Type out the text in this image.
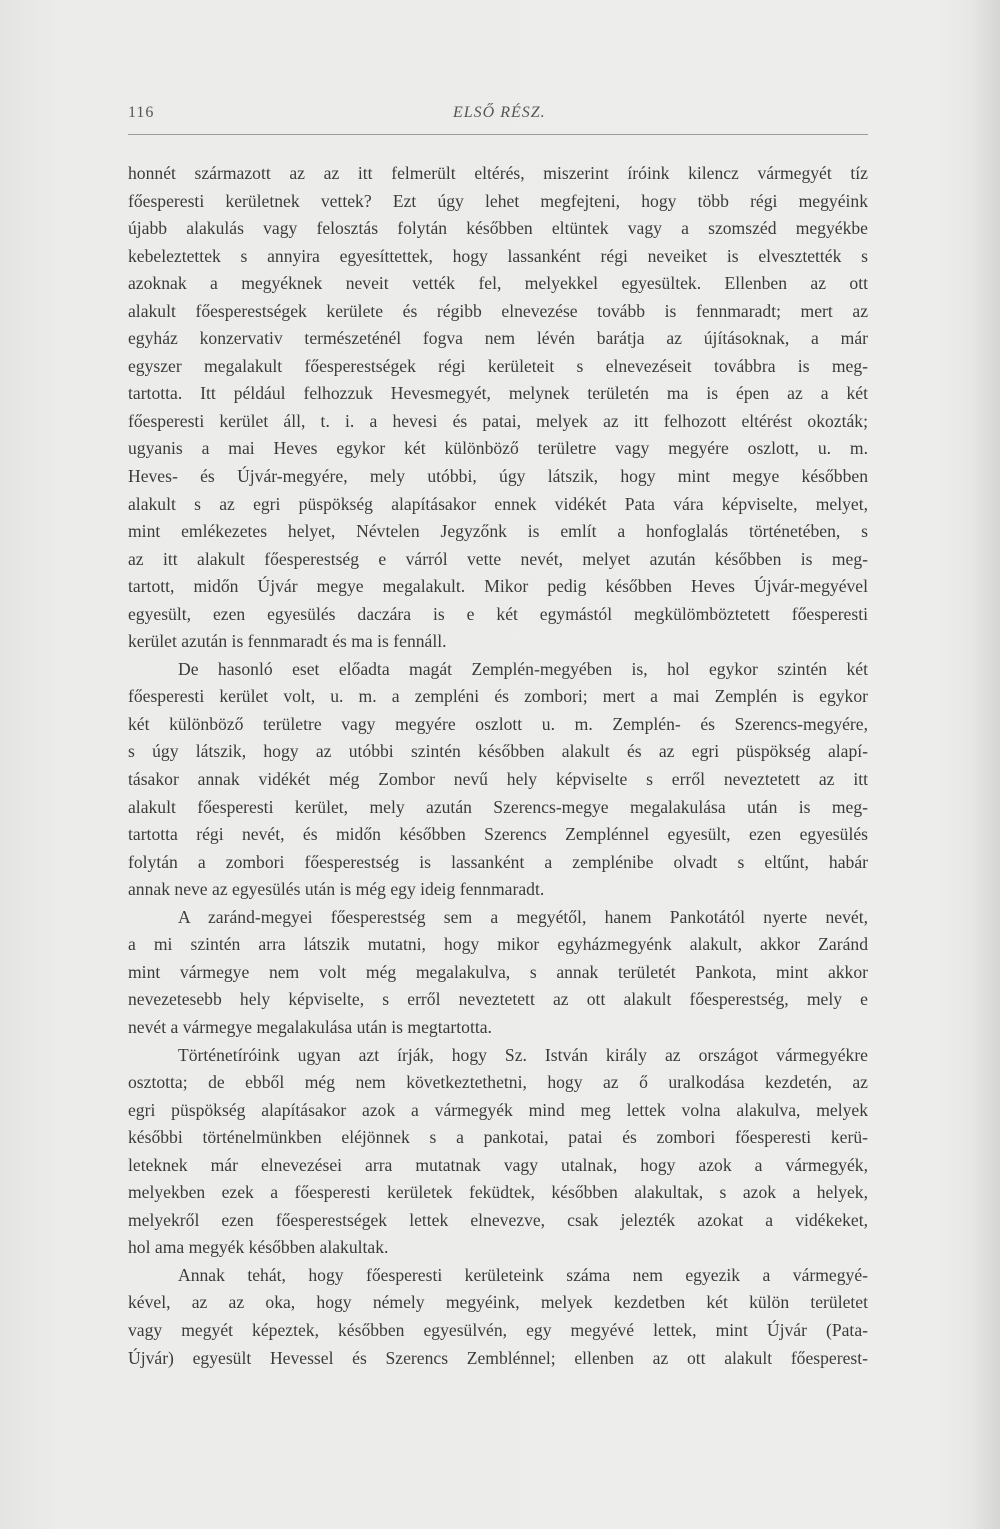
116	ELSŐ RÉSZ.
honnét származott az az itt felmerült eltérés, miszerint íróink kilencz vármegyét tíz
főesperesti kerületnek vettek? Ezt úgy lehet megfejteni, hogy több régi megyéink
újabb alakulás vagy felosztás folytán későbben eltüntek vagy a szomszéd megyékbe
kebeleztettek s annyira egyesíttettek, hogy lassanként régi neveiket is elvesztették s
azoknak a megyéknek neveit vették fel, melyekkel egyesültek. Ellenben az ott
alakult főesperestségek kerülete és régibb elnevezése tovább is fennmaradt; mert az
egyház konzervativ természeténél fogva nem lévén barátja az újításoknak, a már
egyszer megalakult főesperestségek régi kerületeit s elnevezéseit továbbra is meg-
tartotta. Itt például felhozzuk Hevesmegyét, melynek területén ma is épen az a két
főesperesti kerület áll, t. i. a hevesi és patai, melyek az itt felhozott eltérést okozták;
ugyanis a mai Heves egykor két különböző területre vagy megyére oszlott, u. m.
Heves- és Újvár-megyére, mely utóbbi, úgy látszik, hogy mint megye későbben
alakult s az egri püspökség alapításakor ennek vidékét Pata vára képviselte, melyet,
mint emlékezetes helyet, Névtelen Jegyzőnk is említ a honfoglalás történetében, s
az itt alakult főesperestség e várról vette nevét, melyet azután későbben is meg-
tartott, midőn Újvár megye megalakult. Mikor pedig későbben Heves Újvár-megyével
egyesült, ezen egyesülés daczára is e két egymástól megkülömböztetett főesperesti
kerület azután is fennmaradt és ma is fennáll.
De hasonló eset előadta magát Zemplén-megyében is, hol egykor szintén két
főesperesti kerület volt, u. m. a zempléni és zombori; mert a mai Zemplén is egykor
két különböző területre vagy megyére oszlott u. m. Zemplén- és Szerencs-megyére,
s úgy látszik, hogy az utóbbi szintén későbben alakult és az egri püspökség alapí-
tásakor annak vidékét még Zombor nevű hely képviselte s erről neveztetett az itt
alakult főesperesti kerület, mely azután Szerencs-megye megalakulása után is meg-
tartotta régi nevét, és midőn későbben Szerencs Zemplénnel egyesült, ezen egyesülés
folytán a zombori főesperestség is lassanként a zemplénibe olvadt s eltűnt, habár
annak neve az egyesülés után is még egy ideig fennmaradt.
A zaránd-megyei főesperestség sem a megyétől, hanem Pankotától nyerte nevét,
a mi szintén arra látszik mutatni, hogy mikor egyházmegyénk alakult, akkor Zaránd
mint vármegye nem volt még megalakulva, s annak területét Pankota, mint akkor
nevezetesebb hely képviselte, s erről neveztetett az ott alakult főesperestség, mely e
nevét a vármegye megalakulása után is megtartotta.
Történetíróink ugyan azt írják, hogy Sz. István király az országot vármegyékre
osztotta; de ebből még nem következtethetni, hogy az ő uralkodása kezdetén, az
egri püspökség alapításakor azok a vármegyék mind meg lettek volna alakulva, melyek
későbbi történelmünkben eléjönnek s a pankotai, patai és zombori főesperesti kerü-
leteknek már elnevezései arra mutatnak vagy utalnak, hogy azok a vármegyék,
melyekben ezek a főesperesti kerületek feküdtek, későbben alakultak, s azok a helyek,
melyekről ezen főesperestségek lettek elnevezve, csak jelezték azokat a vidékeket,
hol ama megyék későbben alakultak.
Annak tehát, hogy főesperesti kerületeink száma nem egyezik a vármegyé-
kével, az az oka, hogy némely megyéink, melyek kezdetben két külön területet
vagy megyét képeztek, későbben egyesülvén, egy megyévé lettek, mint Újvár (Pata-
Újvár) egyesült Hevessel és Szerencs Zemblénnel; ellenben az ott alakult főesperest-
